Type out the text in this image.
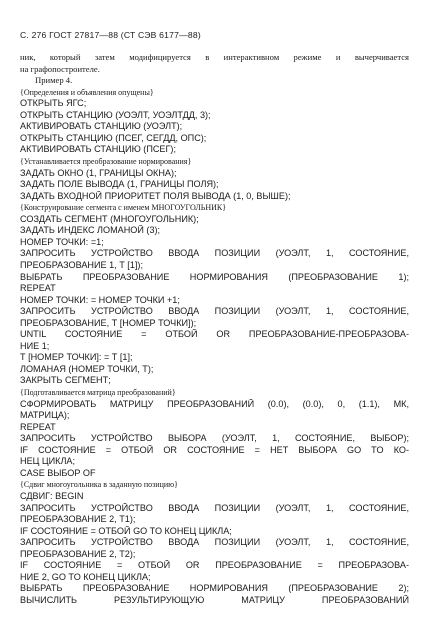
С. 276 ГОСТ 27817—88 (СТ СЭВ 6177—88)
ник, который затем модифицируется в интерактивном режиме и вычерчивается
на графопостроителе.
Пример 4.
{Определения и объявления опущены}
ОТКРЫТЬ ЯГС;
ОТКРЫТЬ СТАНЦИЮ (УОЭЛТ, УОЭЛТДД, 3);
АКТИВИРОВАТЬ СТАНЦИЮ (УОЭЛТ);
ОТКРЫТЬ СТАНЦИЮ (ПСЕГ, СЕГДД, ОПС);
АКТИВИРОВАТЬ СТАНЦИЮ (ПСЕГ);
{Устанавливается преобразование нормирования}
ЗАДАТЬ ОКНО (1, ГРАНИЦЫ ОКНА);
ЗАДАТЬ ПОЛЕ ВЫВОДА (1, ГРАНИЦЫ ПОЛЯ);
ЗАДАТЬ ВХОДНОЙ ПРИОРИТЕТ ПОЛЯ ВЫВОДА (1, 0, ВЫШЕ);
{Конструирование сегмента с именем МНОГОУГОЛЬНИК}
СОЗДАТЬ СЕГМЕНТ (МНОГОУГОЛЬНИК);
ЗАДАТЬ ИНДЕКС ЛОМАНОЙ (3);
НОМЕР ТОЧКИ: =1;
ЗАПРОСИТЬ УСТРОЙСТВО ВВОДА ПОЗИЦИИ (УОЭЛТ, 1, СОСТОЯНИЕ,
ПРЕОБРАЗОВАНИЕ 1, Т [1]);
ВЫБРАТЬ ПРЕОБРАЗОВАНИЕ НОРМИРОВАНИЯ (ПРЕОБРАЗОВАНИЕ 1);
REPEAT
НОМЕР ТОЧКИ: = НОМЕР ТОЧКИ +1;
ЗАПРОСИТЬ УСТРОЙСТВО ВВОДА ПОЗИЦИИ (УОЭЛТ, 1, СОСТОЯНИЕ,
ПРЕОБРАЗОВАНИЕ, Т [НОМЕР ТОЧКИ]);
UNTIL СОСТОЯНИЕ = ОТБОЙ OR ПРЕОБРАЗОВАНИЕ-ПРЕОБРАЗОВА-
НИЕ 1;
Т [НОМЕР ТОЧКИ]: = Т [1];
ЛОМАНАЯ (НОМЕР ТОЧКИ, Т);
ЗАКРЫТЬ СЕГМЕНТ;
{Подготавливается матрица преобразований}
СФОРМИРОВАТЬ МАТРИЦУ ПРЕОБРАЗОВАНИЙ (0.0), (0.0), 0, (1.1), МК,
МАТРИЦА);
REPEAT
ЗАПРОСИТЬ УСТРОЙСТВО ВЫБОРА (УОЭЛТ, 1, СОСТОЯНИЕ, ВЫБОР);
IF СОСТОЯНИЕ = ОТБОЙ OR СОСТОЯНИЕ = НЕТ ВЫБОРА GO TO КО-
НЕЦ ЦИКЛА;
CASE ВЫБОР OF
{Сдвиг многоугольника в заданную позицию}
СДВИГ: BEGIN
ЗАПРОСИТЬ УСТРОЙСТВО ВВОДА ПОЗИЦИИ (УОЭЛТ, 1, СОСТОЯНИЕ,
ПРЕОБРАЗОВАНИЕ 2, Т1);
IF СОСТОЯНИЕ = ОТБОЙ GO TO КОНЕЦ ЦИКЛА;
ЗАПРОСИТЬ УСТРОЙСТВО ВВОДА ПОЗИЦИИ (УОЭЛТ, 1, СОСТОЯНИЕ,
ПРЕОБРАЗОВАНИЕ 2, Т2);
IF СОСТОЯНИЕ = ОТБОЙ OR ПРЕОБРАЗОВАНИЕ = ПРЕОБРАЗОВА-
НИЕ 2, GO TO КОНЕЦ ЦИКЛА;
ВЫБРАТЬ ПРЕОБРАЗОВАНИЕ НОРМИРОВАНИЯ (ПРЕОБРАЗОВАНИЕ 2);
ВЫЧИСЛИТЬ РЕЗУЛЬТИРУЮЩУЮ МАТРИЦУ ПРЕОБРАЗОВАНИЙ
